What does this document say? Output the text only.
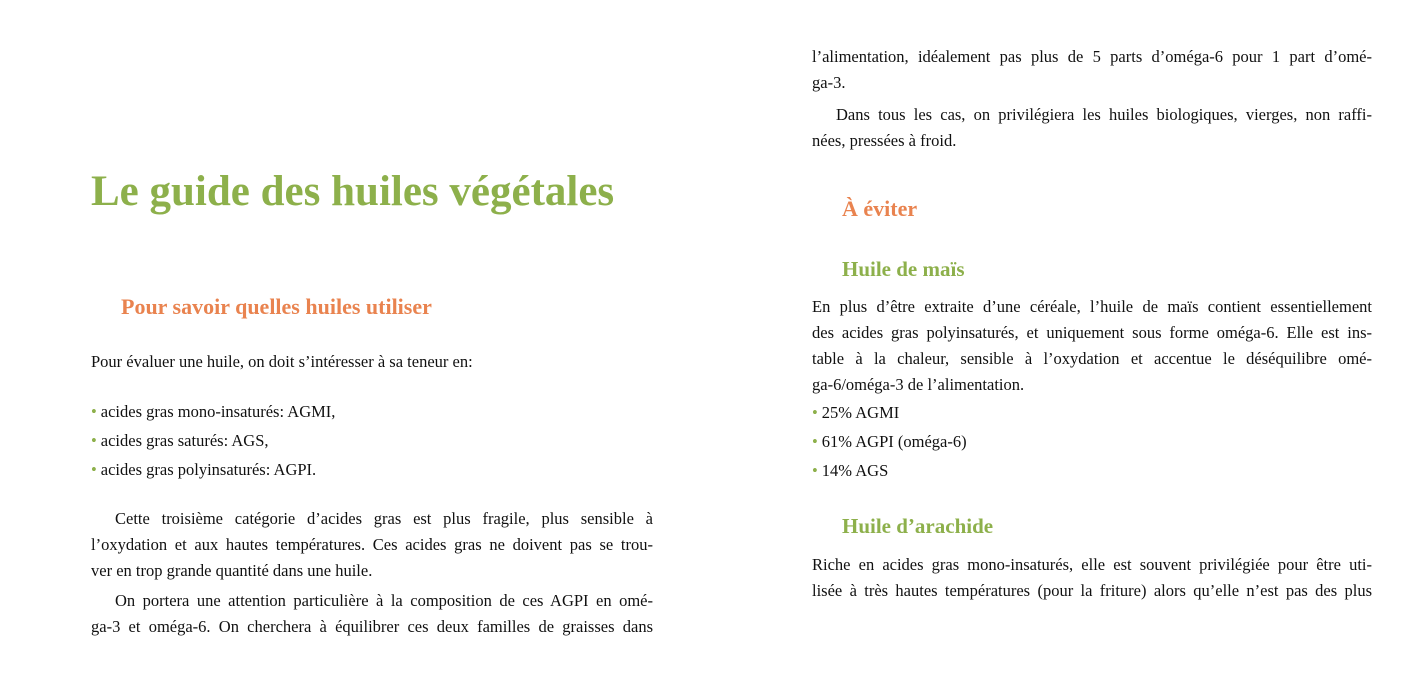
Le guide des huiles végétales
Pour savoir quelles huiles utiliser

Pour évaluer une huile, on doit s’intéresser à sa teneur en:

• acides gras mono-insaturés: AGMI,
• acides gras saturés: AGS,
• acides gras polyinsaturés: AGPI.

Cette troisième catégorie d’acides gras est plus fragile, plus sensible à

l’oxydation et aux hautes températures. Ces acides gras ne doivent pas se trou-

ver en trop grande quantité dans une huile.

On portera une attention particulière à la composition de ces AGPI en omé-

ga-3 et oméga-6. On cherchera à équilibrer ces deux familles de graisses dans

l’alimentation, idéalement pas plus de 5 parts d’oméga-6 pour 1 part d’omé-

ga-3.

Dans tous les cas, on privilégiera les huiles biologiques, vierges, non raffi-

nées, pressées à froid.

À éviter
Huile de maïs

En plus d’être extraite d’une céréale, l’huile de maïs contient essentiellement

des acides gras polyinsaturés, et uniquement sous forme oméga-6. Elle est ins-

table à la chaleur, sensible à l’oxydation et accentue le déséquilibre omé-

ga-6/oméga-3 de l’alimentation.

• 25% AGMI
• 61% AGPI (oméga-6)
• 14% AGS
Huile d’arachide

Riche en acides gras mono-insaturés, elle est souvent privilégiée pour être uti-

lisée à très hautes températures (pour la friture) alors qu’elle n’est pas des plus
